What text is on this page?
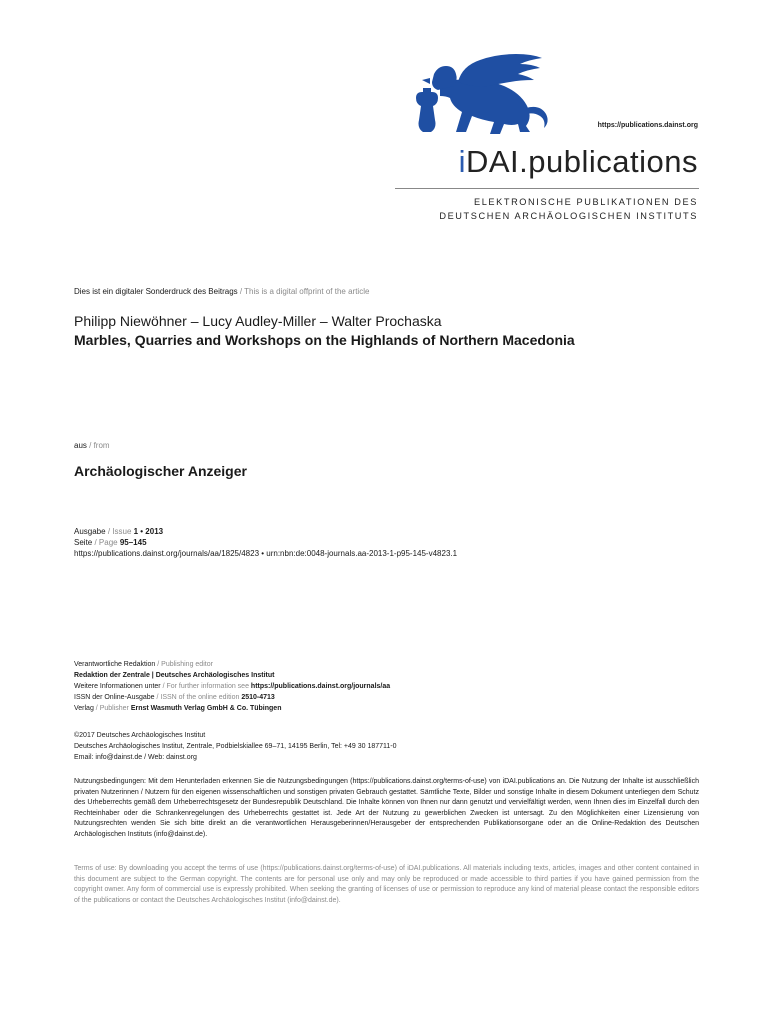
https://publications.dainst.org
iDAI.publications
ELEKTRONISCHE PUBLIKATIONEN DES
DEUTSCHEN ARCHÄOLOGISCHEN INSTITUTS
Dies ist ein digitaler Sonderdruck des Beitrags / This is a digital offprint of the article
Philipp Niewöhner – Lucy Audley-Miller – Walter Prochaska
Marbles, Quarries and Workshops on the Highlands of Northern Macedonia
aus / from
Archäologischer Anzeiger
Ausgabe / Issue 1 • 2013
Seite / Page 95–145
https://publications.dainst.org/journals/aa/1825/4823 • urn:nbn:de:0048-journals.aa-2013-1-p95-145-v4823.1
Verantwortliche Redaktion / Publishing editor
Redaktion der Zentrale | Deutsches Archäologisches Institut
Weitere Informationen unter / For further information see https://publications.dainst.org/journals/aa
ISSN der Online-Ausgabe / ISSN of the online edition 2510-4713
Verlag / Publisher Ernst Wasmuth Verlag GmbH & Co. Tübingen
©2017 Deutsches Archäologisches Institut
Deutsches Archäologisches Institut, Zentrale, Podbielskiallee 69–71, 14195 Berlin, Tel: +49 30 187711-0
Email: info@dainst.de / Web: dainst.org
Nutzungsbedingungen: Mit dem Herunterladen erkennen Sie die Nutzungsbedingungen (https://publications.dainst.org/terms-of-use) von iDAI.publications an. Die Nutzung der Inhalte ist ausschließlich privaten Nutzerinnen / Nutzern für den eigenen wissenschaftlichen und sonstigen privaten Gebrauch gestattet. Sämtliche Texte, Bilder und sonstige Inhalte in diesem Dokument unterliegen dem Schutz des Urheberrechts gemäß dem Urheberrechtsgesetz der Bundesrepublik Deutschland. Die Inhalte können von Ihnen nur dann genutzt und vervielfältigt werden, wenn Ihnen dies im Einzelfall durch den Rechteinhaber oder die Schrankenregelungen des Urheberrechts gestattet ist. Jede Art der Nutzung zu gewerblichen Zwecken ist untersagt. Zu den Möglichkeiten einer Lizensierung von Nutzungsrechten wenden Sie sich bitte direkt an die verantwortlichen Herausgeberinnen/Herausgeber der entsprechenden Publikationsorgane oder an die Online-Redaktion des Deutschen Archäologischen Instituts (info@dainst.de).
Terms of use: By downloading you accept the terms of use (https://publications.dainst.org/terms-of-use) of iDAI.publications. All materials including texts, articles, images and other content contained in this document are subject to the German copyright. The contents are for personal use only and may only be reproduced or made accessible to third parties if you have gained permission from the copyright owner. Any form of commercial use is expressly prohibited. When seeking the granting of licenses of use or permission to reproduce any kind of material please contact the responsible editors of the publications or contact the Deutsches Archäologisches Institut (info@dainst.de).
